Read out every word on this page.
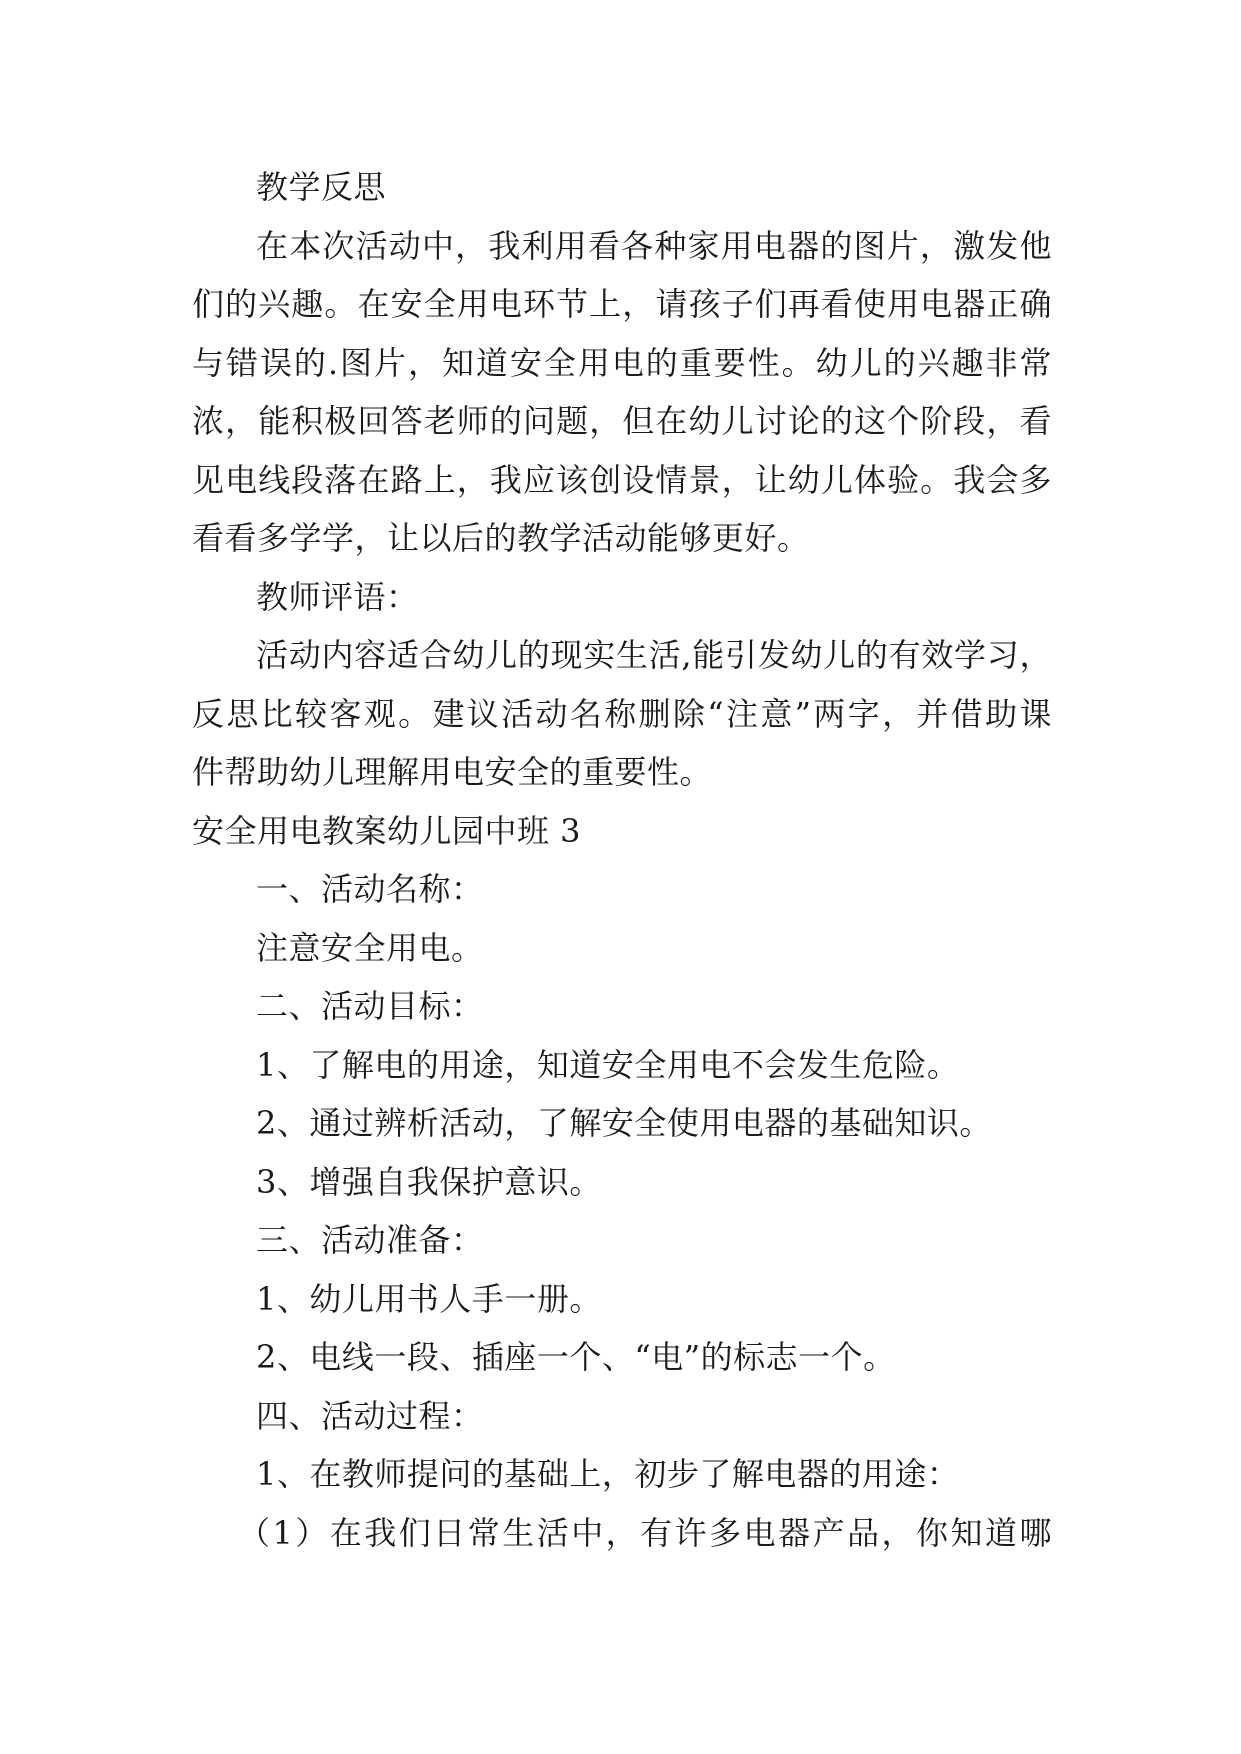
教学反思
在本次活动中，我利用看各种家用电器的图片，激发他
们的兴趣。在安全用电环节上，请孩子们再看使用电器正确
与错误的.图片，知道安全用电的重要性。幼儿的兴趣非常
浓，能积极回答老师的问题，但在幼儿讨论的这个阶段，看
见电线段落在路上，我应该创设情景，让幼儿体验。我会多
看看多学学，让以后的教学活动能够更好。
教师评语：
活动内容适合幼儿的现实生活,能引发幼儿的有效学习，
反思比较客观。建议活动名称删除“注意”两字，并借助课
件帮助幼儿理解用电安全的重要性。
安全用电教案幼儿园中班 3
一、活动名称：
注意安全用电。
二、活动目标：
1、了解电的用途，知道安全用电不会发生危险。
2、通过辨析活动，了解安全使用电器的基础知识。
3、增强自我保护意识。
三、活动准备：
1、幼儿用书人手一册。
2、电线一段、插座一个、“电”的标志一个。
四、活动过程：
1、在教师提问的基础上，初步了解电器的用途：
（1）在我们日常生活中，有许多电器产品，你知道哪
